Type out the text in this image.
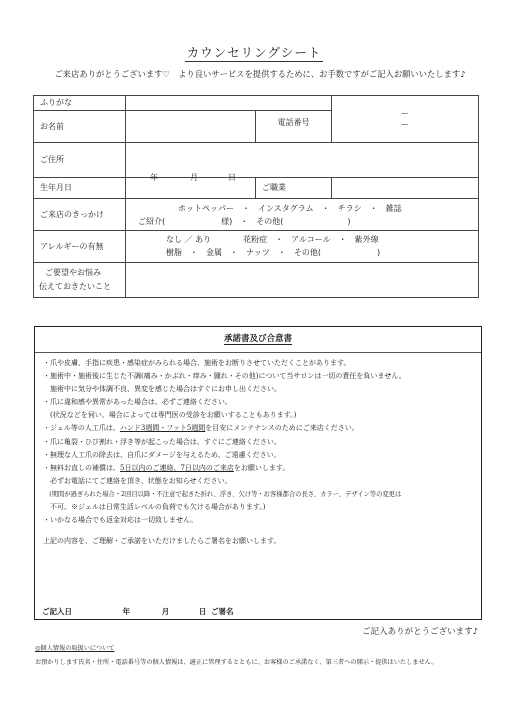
カウンセリングシート
ご来店ありがとうございます♡　より良いサービスを提供するために、お手数ですがご記入お願いいたします♪
ふりがな			ーー

お名前		電話番号	
ご住所			
生年月日	年 月 日	ご職業	
ご来店のきっかけ	ホットペッパー　・　インスタグラム　・　チラシ　・　雑誌
ご紹介(　　　　　　　様)　・　その他(　　　　　　　　)		

アレルギーの有無	なし ／ あり　　　　花粉症　・　アルコール　・　紫外線
樹脂　・　金属　・　ナッツ　・　その他(　　　　　　　)		

ご要望やお悩み
伝えておきたいこと			

承諾書及び合意書
・爪や皮膚、手指に疾患・感染症がみられる場合、施術をお断りさせていただくことがあります。
・施術中・施術後に生じた不調(痛み・かぶれ・痒み・腫れ・その他)について当サロンは一切の責任を負いません。
　施術中に気分や体調不良、異変を感じた場合はすぐにお申し出ください。
・爪に違和感や異常があった場合は、必ずご連絡ください。
　(状況などを伺い、場合によっては専門医の受診をお願いすることもあります。)
・ジェル等の人工爪は、ハンド3週間・フット5週間を目安にメンテナンスのためにご来店ください。
・爪に亀裂・ひび割れ・浮き等が起こった場合は、すぐにご連絡ください。
・無理な人工爪の除去は、自爪にダメージを与えるため、ご遠慮ください。
・無料お直しの補償は、5日以内のご連絡、7日以内のご来店をお願いします。
　必ずお電話にてご連絡を頂き、状態をお知らせください。
　(期間が過ぎられた場合・2回目以降・不注意で起きた折れ、浮き、欠け等・お客様都合の長さ、カラー、デザイン等の変更は
　不可。※ジェルは日常生活レベルの負荷でも欠ける場合があります。)
・いかなる場合でも返金対応は一切致しません。
上記の内容を、ご理解・ご承諾をいただけましたらご署名をお願いします。
ご記入日	年	月	日 ご署名
ご記入ありがとうございます♪
◎個人情報の取扱いについて
お預かりします氏名・住所・電話番号等の個人情報は、適正に管理するとともに、お客様のご承諾なく、第三者への開示・提供はいたしません。
